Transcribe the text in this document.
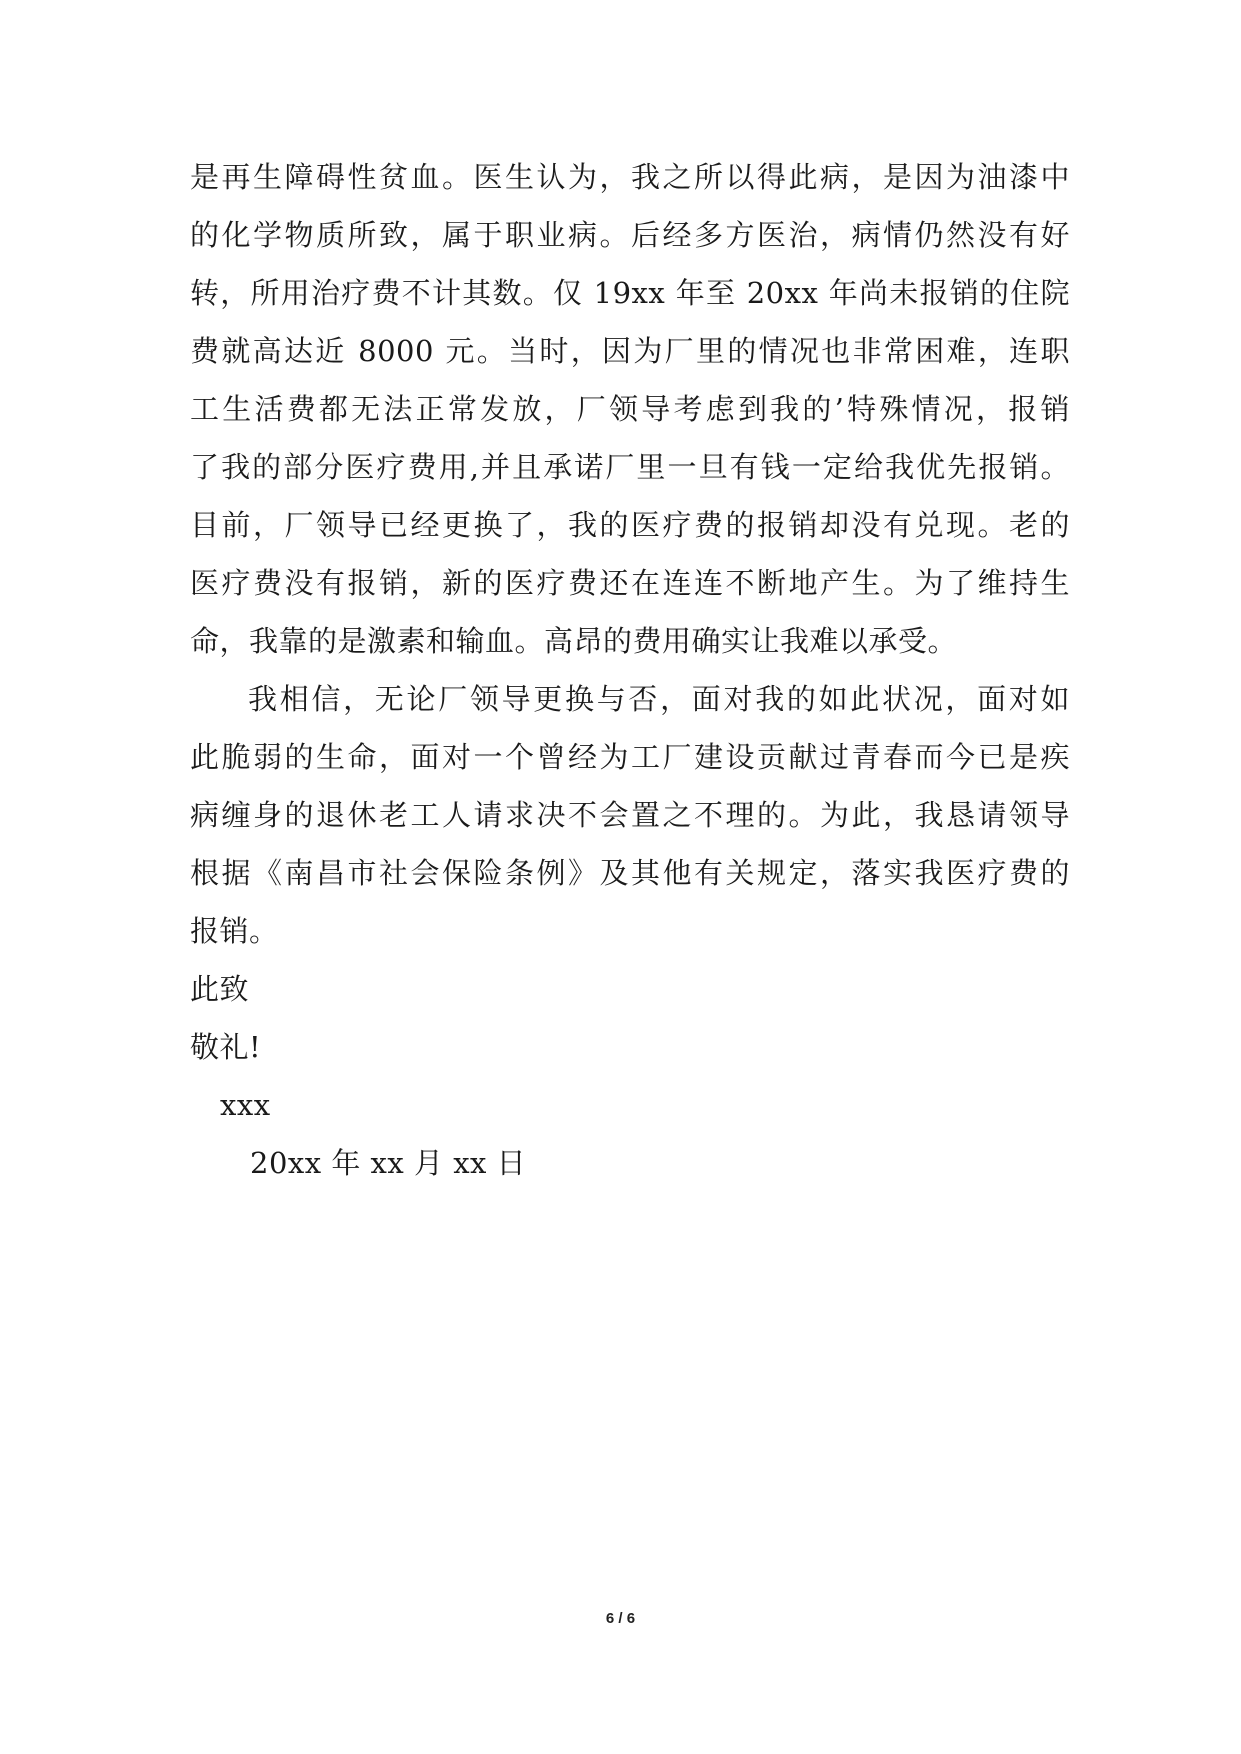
是再生障碍性贫血。医生认为，我之所以得此病，是因为油漆中
的化学物质所致，属于职业病。后经多方医治，病情仍然没有好
转，所用治疗费不计其数。仅 19xx 年至 20xx 年尚未报销的住院
费就高达近 8000 元。当时，因为厂里的情况也非常困难，连职
工生活费都无法正常发放，厂领导考虑到我的’特殊情况，报销
了我的部分医疗费用,并且承诺厂里一旦有钱一定给我优先报销。
目前，厂领导已经更换了，我的医疗费的报销却没有兑现。老的
医疗费没有报销，新的医疗费还在连连不断地产生。为了维持生
命，我靠的是激素和输血。高昂的费用确实让我难以承受。
我相信，无论厂领导更换与否，面对我的如此状况，面对如
此脆弱的生命，面对一个曾经为工厂建设贡献过青春而今已是疾
病缠身的退休老工人请求决不会置之不理的。为此，我恳请领导
根据《南昌市社会保险条例》及其他有关规定，落实我医疗费的
报销。
此致
敬礼!
xxx
20xx 年 xx 月 xx 日
6 / 6
